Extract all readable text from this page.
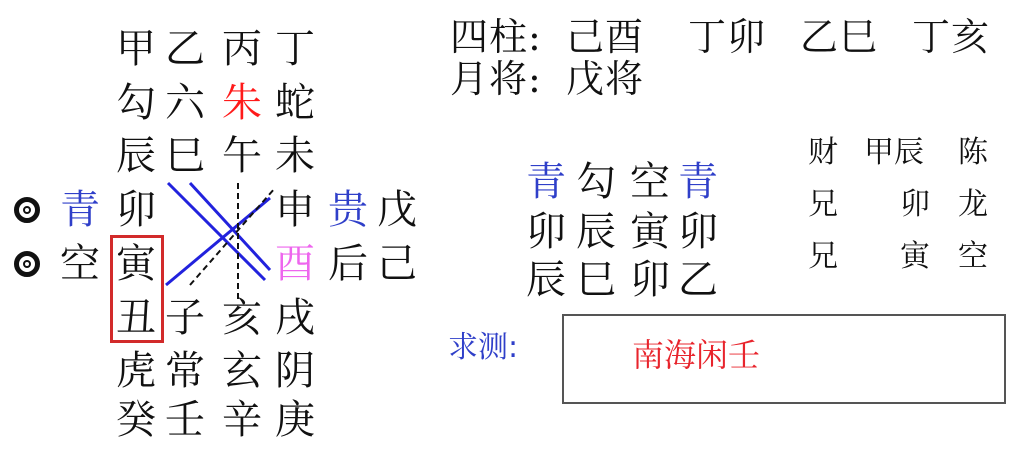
甲 乙 丙 丁
勾 六 朱 蛇
辰 巳 午 未
青 卯
空 寅
丑
申 贵 戊
酉 后 己
戌
子 亥
虎 常 玄 阴
癸 壬 辛 庚
四柱: 己酉 丁卯 乙巳 丁亥
月将: 戊将
青 勾 空 青
卯 辰 寅 卯
辰 巳 卯 乙
财 甲辰 陈
兄 卯 龙
兄 寅 空
求测:	南海闲壬
